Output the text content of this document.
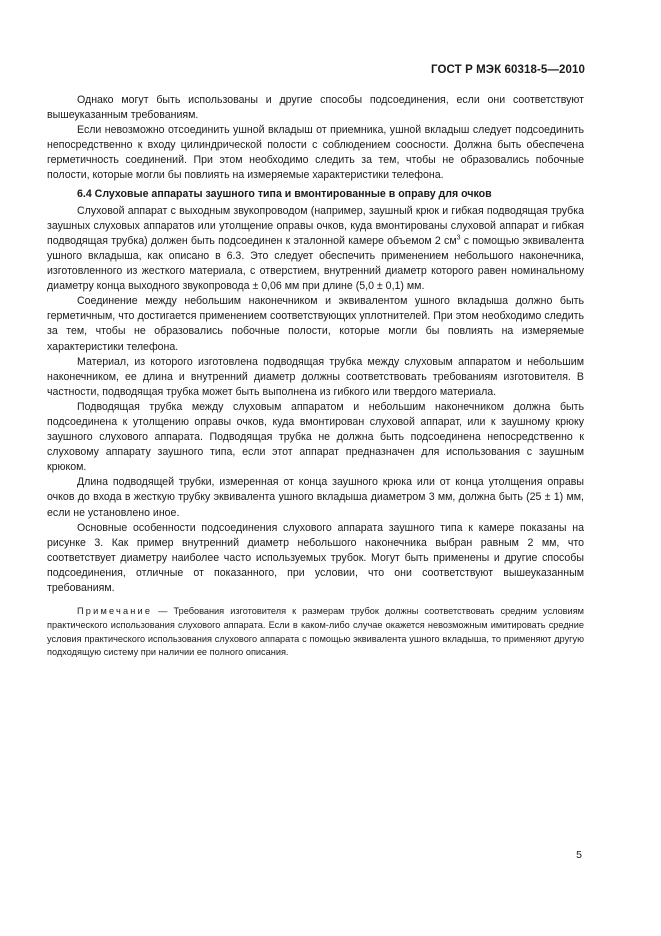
ГОСТ Р МЭК 60318-5—2010

Однако могут быть использованы и другие способы подсоединения, если они соответствуют вышеуказанным требованиям.

Если невозможно отсоединить ушной вкладыш от приемника, ушной вкладыш следует подсоединить непосредственно к входу цилиндрической полости с соблюдением соосности. Должна быть обеспечена герметичность соединений. При этом необходимо следить за тем, чтобы не образовались побочные полости, которые могли бы повлиять на измеряемые характеристики телефона.

6.4 Слуховые аппараты заушного типа и вмонтированные в оправу для очков

Слуховой аппарат с выходным звукопроводом (например, заушный крюк и гибкая подводящая трубка заушных слуховых аппаратов или утолщение оправы очков, куда вмонтированы слуховой аппарат и гибкая подводящая трубка) должен быть подсоединен к эталонной камере объемом 2 $см^3$ с помощью эквивалента ушного вкладыша, как описано в 6.3. Это следует обеспечить применением небольшого наконечника, изготовленного из жесткого материала, с отверстием, внутренний диаметр которого равен номинальному диаметру конца выходного звукопровода ± 0,06 мм при длине (5,0 ± 0,1) мм.

Соединение между небольшим наконечником и эквивалентом ушного вкладыша должно быть герметичным, что достигается применением соответствующих уплотнителей. При этом необходимо следить за тем, чтобы не образовались побочные полости, которые могли бы повлиять на измеряемые характеристики телефона.

Материал, из которого изготовлена подводящая трубка между слуховым аппаратом и небольшим наконечником, ее длина и внутренний диаметр должны соответствовать требованиям изготовителя. В частности, подводящая трубка может быть выполнена из гибкого или твердого материала.

Подводящая трубка между слуховым аппаратом и небольшим наконечником должна быть подсоединена к утолщению оправы очков, куда вмонтирован слуховой аппарат, или к заушному крюку заушного слухового аппарата. Подводящая трубка не должна быть подсоединена непосредственно к слуховому аппарату заушного типа, если этот аппарат предназначен для использования с заушным крюком.

Длина подводящей трубки, измеренная от конца заушного крюка или от конца утолщения оправы очков до входа в жесткую трубку эквивалента ушного вкладыша диаметром 3 мм, должна быть (25 ± 1) мм, если не установлено иное.

Основные особенности подсоединения слухового аппарата заушного типа к камере показаны на рисунке 3. Как пример внутренний диаметр небольшого наконечника выбран равным 2 мм, что соответствует диаметру наиболее часто используемых трубок. Могут быть применены и другие способы подсоединения, отличные от показанного, при условии, что они соответствуют вышеуказанным требованиям.

Примечание — Требования изготовителя к размерам трубок должны соответствовать средним условиям практического использования слухового аппарата. Если в каком-либо случае окажется невозможным имитировать средние условия практического использования слухового аппарата с помощью эквивалента ушного вкладыша, то применяют другую подходящую систему при наличии ее полного описания.

5
